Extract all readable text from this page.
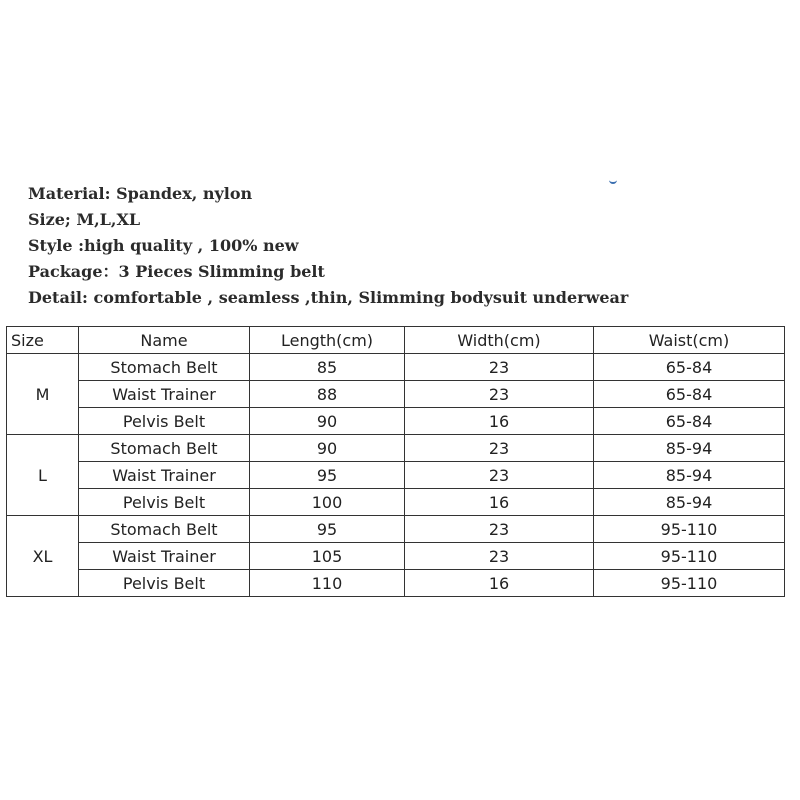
Material: Spandex, nylon
Size; M,L,XL
Style :high quality , 100% new
Package：3 Pieces Slimming belt
Detail: comfortable , seamless ,thin, Slimming bodysuit underwear
Size	Name	Length(cm)	Width(cm)	Waist(cm)
M	Stomach Belt	85	23	65-84
	Waist Trainer	88	23	65-84
	Pelvis Belt	90	16	65-84
L	Stomach Belt	90	23	85-94
	Waist Trainer	95	23	85-94
	Pelvis Belt	100	16	85-94
XL	Stomach Belt	95	23	95-110
	Waist Trainer	105	23	95-110
	Pelvis Belt	110	16	95-110
